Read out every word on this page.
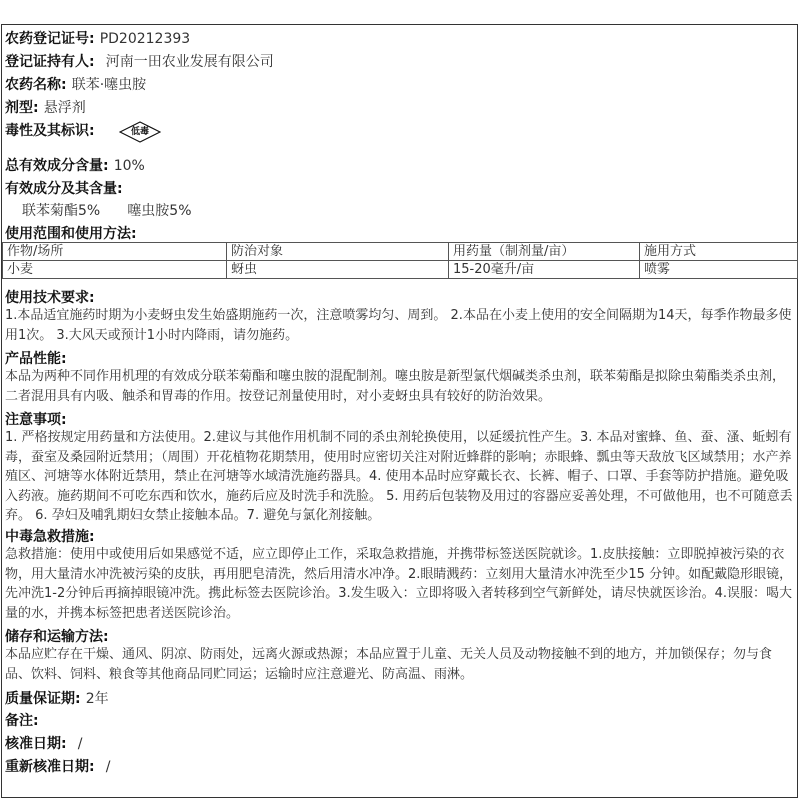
农药登记证号: PD20212393
登记证持有人: 河南一田农业发展有限公司
农药名称: 联苯·噻虫胺
剂型: 悬浮剂
毒性及其标识:	低毒
总有效成分含量: 10%
有效成分及其含量:
联苯菊酯5% 噻虫胺5%
使用范围和使用方法:
作物/场所	防治对象	用药量（制剂量/亩）	施用方式
小麦	蚜虫	15-20毫升/亩	喷雾
使用技术要求:
1.本品适宜施药时期为小麦蚜虫发生始盛期施药一次，注意喷雾均匀、周到。 2.本品在小麦上使用的安全间隔期为14天，每季作物最多使用1次。 3.大风天或预计1小时内降雨，请勿施药。
产品性能:
本品为两种不同作用机理的有效成分联苯菊酯和噻虫胺的混配制剂。噻虫胺是新型氯代烟碱类杀虫剂，联苯菊酯是拟除虫菊酯类杀虫剂，二者混用具有内吸、触杀和胃毒的作用。按登记剂量使用时，对小麦蚜虫具有较好的防治效果。
注意事项:
1. 严格按规定用药量和方法使用。2.建议与其他作用机制不同的杀虫剂轮换使用，以延缓抗性产生。3. 本品对蜜蜂、鱼、蚕、溞、蚯蚓有毒，蚕室及桑园附近禁用；（周围）开花植物花期禁用，使用时应密切关注对附近蜂群的影响；赤眼蜂、瓢虫等天敌放飞区域禁用；水产养殖区、河塘等水体附近禁用，禁止在河塘等水域清洗施药器具。4. 使用本品时应穿戴长衣、长裤、帽子、口罩、手套等防护措施。避免吸入药液。施药期间不可吃东西和饮水，施药后应及时洗手和洗脸。 5. 用药后包装物及用过的容器应妥善处理，不可做他用，也不可随意丢弃。 6. 孕妇及哺乳期妇女禁止接触本品。7. 避免与氯化剂接触。
中毒急救措施:
急救措施：使用中或使用后如果感觉不适，应立即停止工作，采取急救措施，并携带标签送医院就诊。1.皮肤接触：立即脱掉被污染的衣物，用大量清水冲洗被污染的皮肤，再用肥皂清洗，然后用清水冲净。2.眼睛溅药：立刻用大量清水冲洗至少15 分钟。如配戴隐形眼镜，先冲洗1-2分钟后再摘掉眼镜冲洗。携此标签去医院诊治。3.发生吸入：立即将吸入者转移到空气新鲜处，请尽快就医诊治。4.误服：喝大量的水，并携本标签把患者送医院诊治。
储存和运输方法:
本品应贮存在干燥、通风、阴凉、防雨处，远离火源或热源；本品应置于儿童、无关人员及动物接触不到的地方，并加锁保存；勿与食品、饮料、饲料、粮食等其他商品同贮同运；运输时应注意避光、防高温、雨淋。
质量保证期: 2年
备注:
核准日期: /
重新核准日期: /
